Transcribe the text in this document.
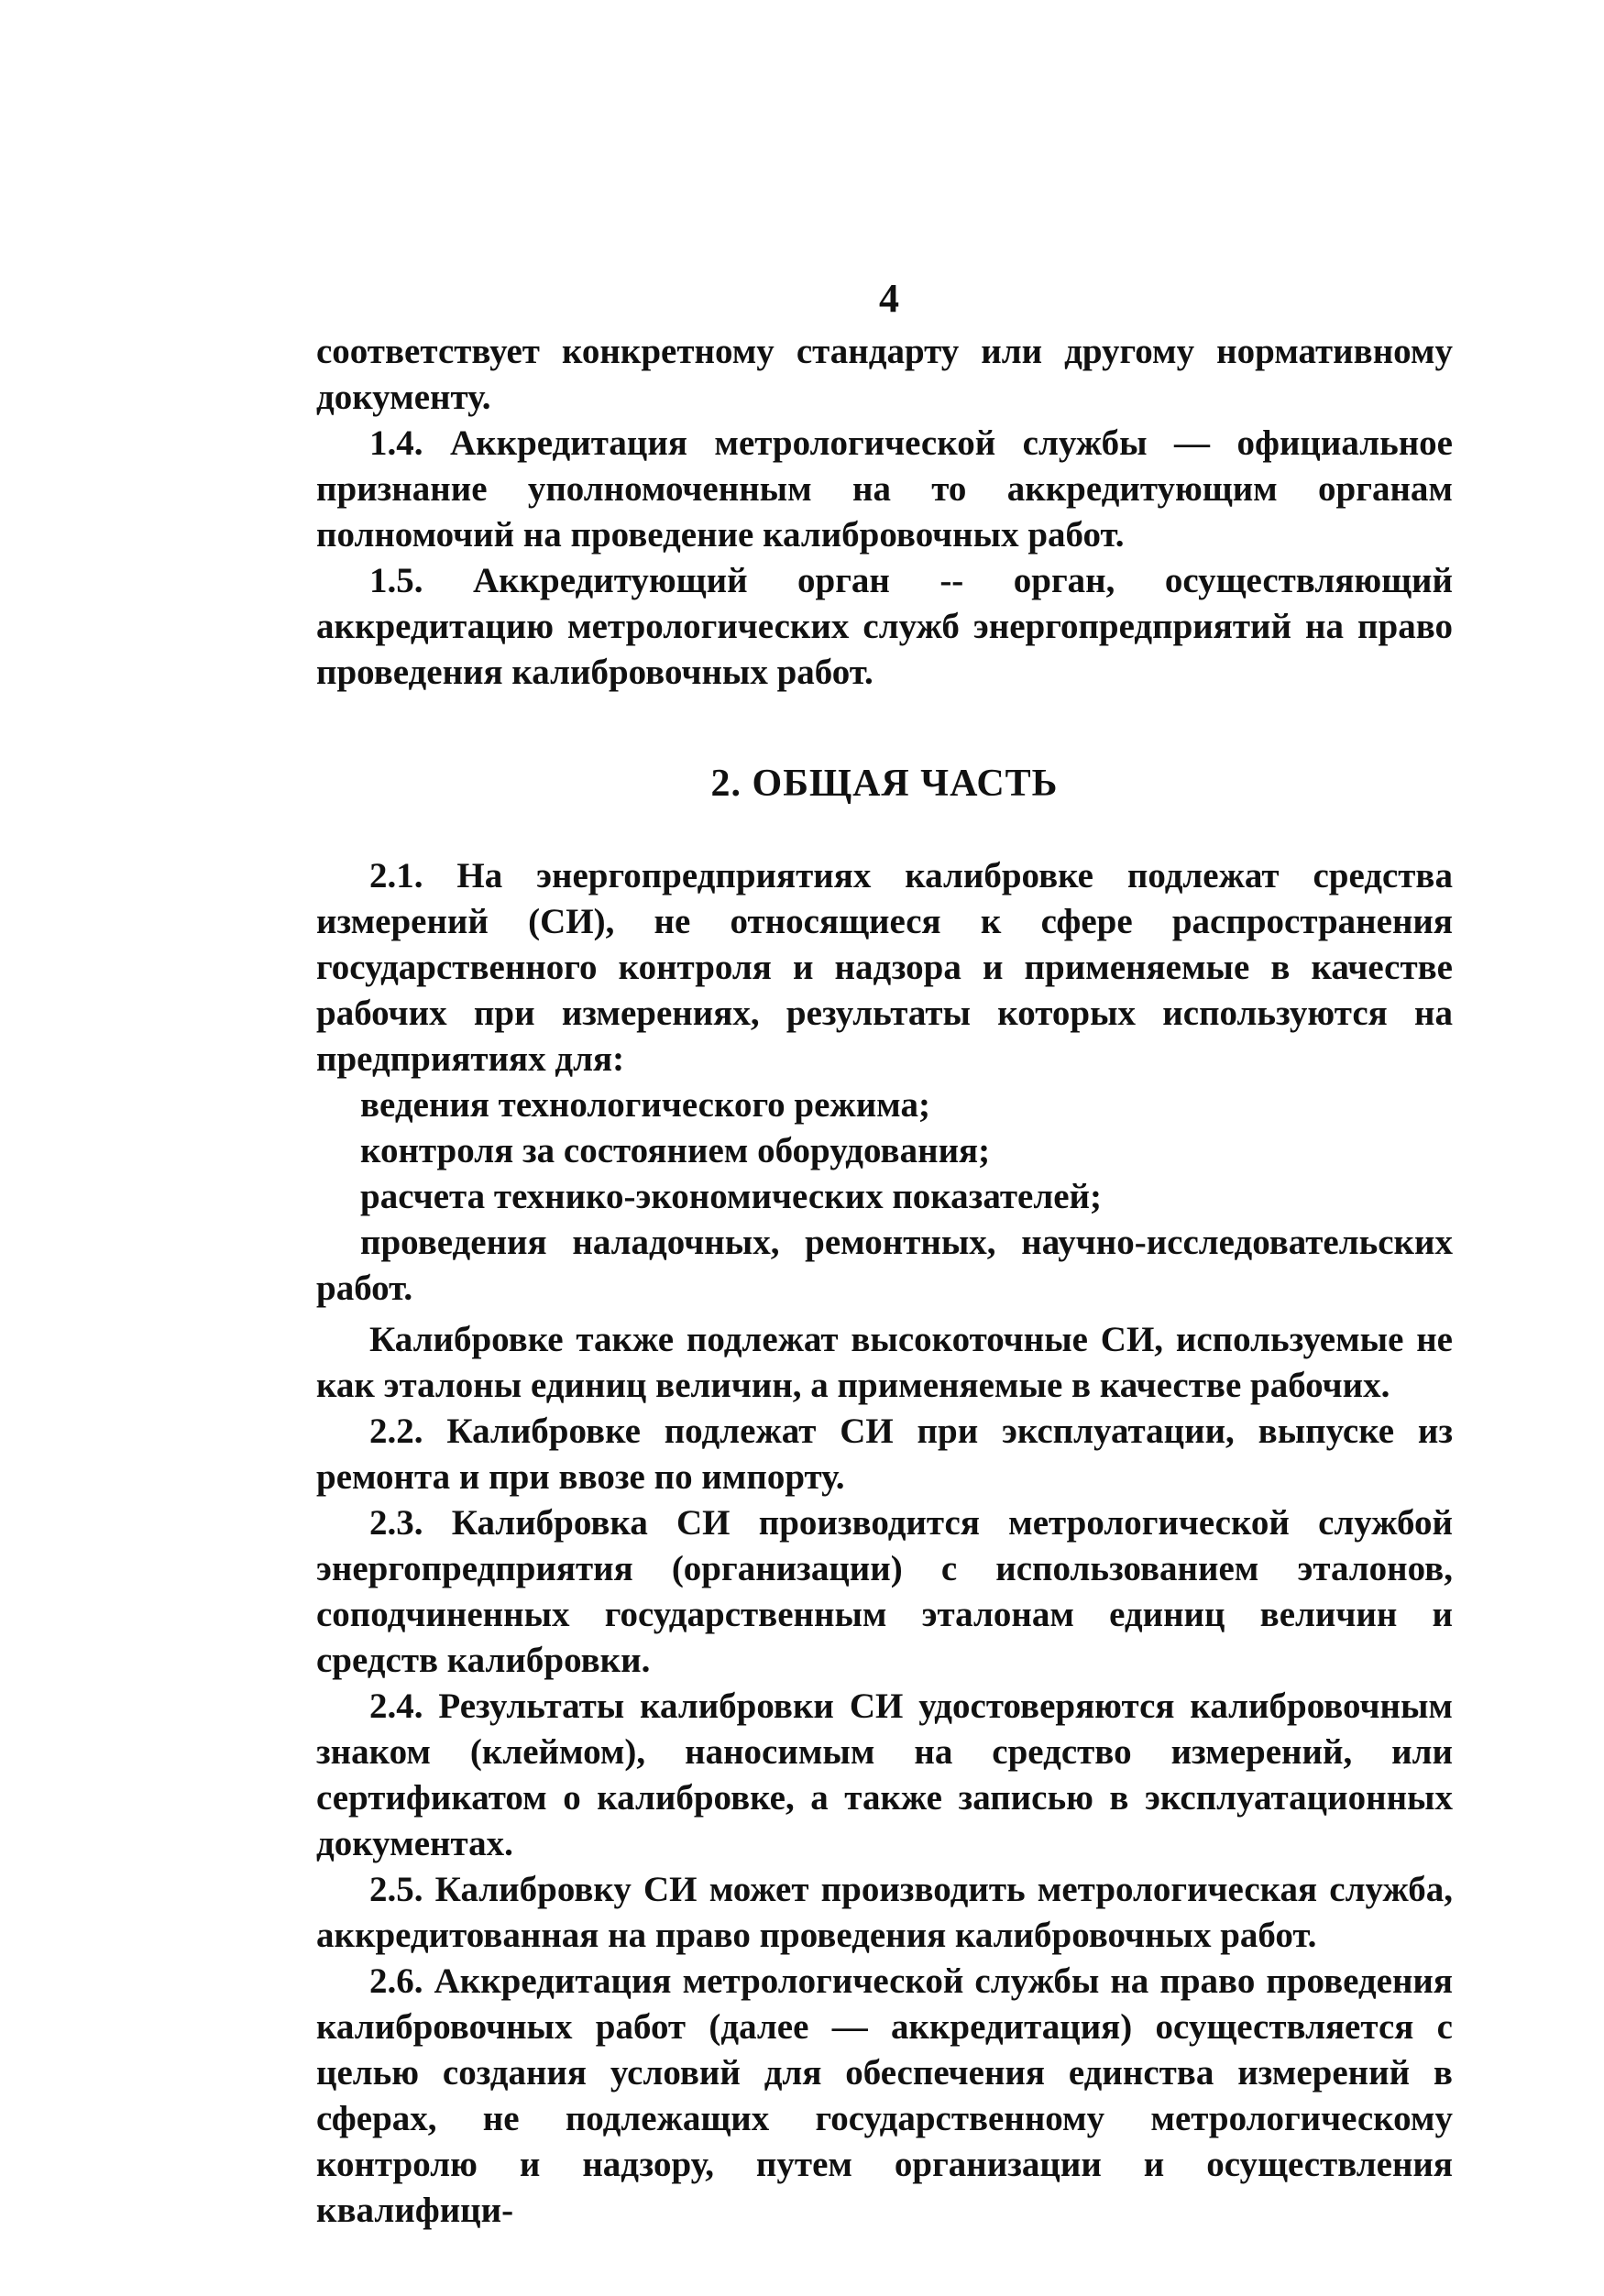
4

соответствует конкретному стандарту или другому нормативному документу.

1.4. Аккредитация метрологической службы — официальное признание уполномоченным на то аккредитующим органам полномочий на проведение калибровочных работ.

1.5. Аккредитующий орган -- орган, осуществляющий аккредитацию метрологических служб энергопредприятий на право проведения калибровочных работ.

2. ОБЩАЯ ЧАСТЬ

2.1. На энергопредприятиях калибровке подлежат средства измерений (СИ), не относящиеся к сфере распространения государственного контроля и надзора и применяемые в качестве рабочих при измерениях, результаты которых используются на предприятиях для:

ведения технологического режима;

контроля за состоянием оборудования;

расчета технико-экономических показателей;

проведения наладочных, ремонтных, научно-исследовательских работ.

Калибровке также подлежат высокоточные СИ, используемые не как эталоны единиц величин, а применяемые в качестве рабочих.

2.2. Калибровке подлежат СИ при эксплуатации, выпуске из ремонта и при ввозе по импорту.

2.3. Калибровка СИ производится метрологической службой энергопредприятия (организации) с использованием эталонов, соподчиненных государственным эталонам единиц величин и средств калибровки.

2.4. Результаты калибровки СИ удостоверяются калибровочным знаком (клеймом), наносимым на средство измерений, или сертификатом о калибровке, а также записью в эксплуатационных документах.

2.5. Калибровку СИ может производить метрологическая служба, аккредитованная на право проведения калибровочных работ.

2.6. Аккредитация метрологической службы на право проведения калибровочных работ (далее — аккредитация) осуществляется с целью создания условий для обеспечения единства измерений в сферах, не подлежащих государственному метрологическому контролю и надзору, путем организации и осуществления квалифици-
